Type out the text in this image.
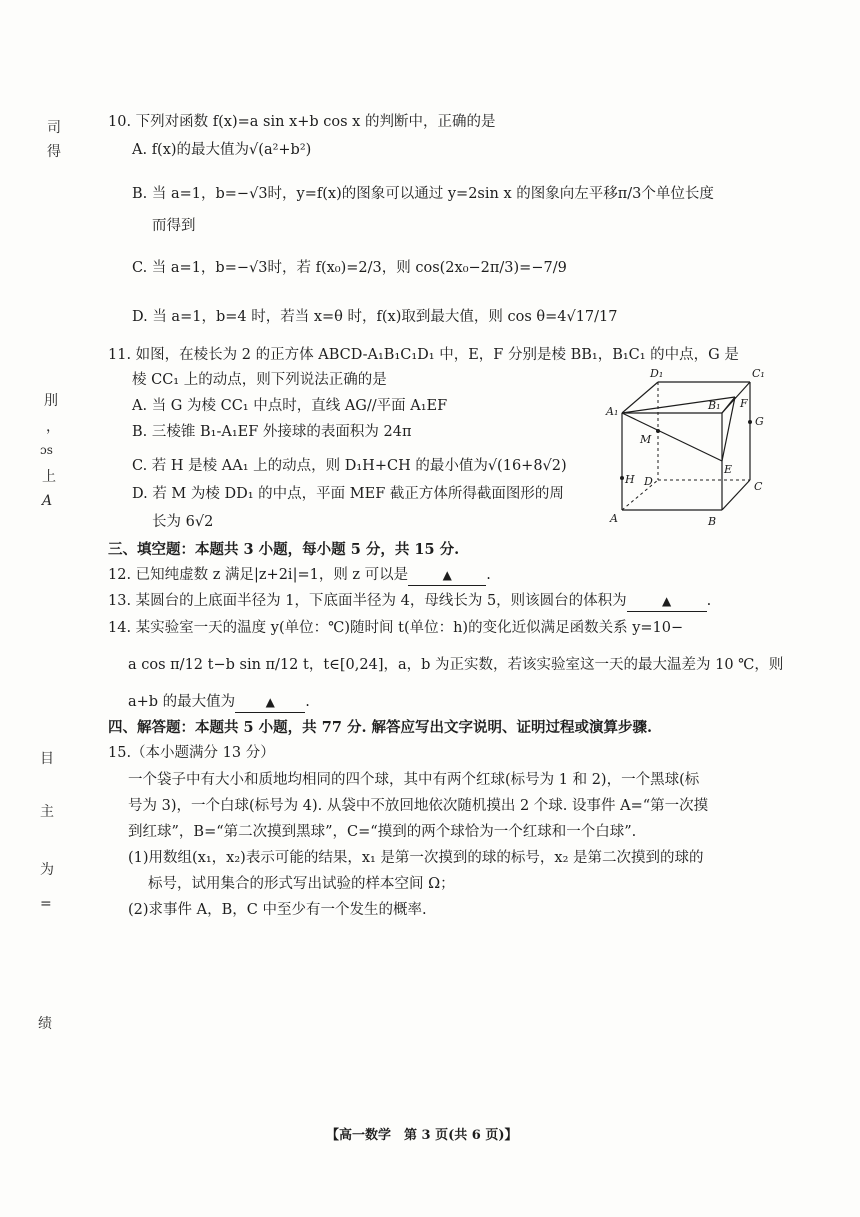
司
得
刖
，
ɔs
上
A
目
主
为
=
绩
10. 下列对函数 f(x)=a sin x+b cos x 的判断中，正确的是
A. f(x)的最大值为√(a²+b²)
B. 当 a=1，b=−√3时，y=f(x)的图象可以通过 y=2sin x 的图象向左平移π/3个单位长度
而得到
C. 当 a=1，b=−√3时，若 f(x₀)=2/3，则 cos(2x₀−2π/3)=−7/9
D. 当 a=1，b=4 时，若当 x=θ 时，f(x)取到最大值，则 cos θ=4√17/17
11. 如图，在棱长为 2 的正方体 ABCD-A₁B₁C₁D₁ 中，E，F 分别是棱 BB₁，B₁C₁ 的中点，G 是
棱 CC₁ 上的动点，则下列说法正确的是
A. 当 G 为棱 CC₁ 中点时，直线 AG//平面 A₁EF
B. 三棱锥 B₁-A₁EF 外接球的表面积为 24π
C. 若 H 是棱 AA₁ 上的动点，则 D₁H+CH 的最小值为√(16+8√2)
D. 若 M 为棱 DD₁ 的中点，平面 MEF 截正方体所得截面图形的周
长为 6√2
D₁	C₁
A₁	B₁ F
G
M
E
H D	C
A	B
三、填空题：本题共 3 小题，每小题 5 分，共 15 分.
12. 已知纯虚数 z 满足|z+2i|=1，则 z 可以是	▲ .
13. 某圆台的上底面半径为 1，下底面半径为 4，母线长为 5，则该圆台的体积为	▲ .
14. 某实验室一天的温度 y(单位：℃)随时间 t(单位：h)的变化近似满足函数关系 y=10−
a cos π/12 t−b sin π/12 t，t∈[0,24]，a，b 为正实数，若该实验室这一天的最大温差为 10 ℃，则
a+b 的最大值为	▲ .
四、解答题：本题共 5 小题，共 77 分. 解答应写出文字说明、证明过程或演算步骤.
15.（本小题满分 13 分）
一个袋子中有大小和质地均相同的四个球，其中有两个红球(标号为 1 和 2)，一个黑球(标
号为 3)，一个白球(标号为 4). 从袋中不放回地依次随机摸出 2 个球. 设事件 A=“第一次摸
到红球”，B=“第二次摸到黑球”，C=“摸到的两个球恰为一个红球和一个白球”.
(1)用数组(x₁，x₂)表示可能的结果，x₁ 是第一次摸到的球的标号，x₂ 是第二次摸到的球的
标号，试用集合的形式写出试验的样本空间 Ω；
(2)求事件 A，B，C 中至少有一个发生的概率.
【高一数学　第 3 页(共 6 页)】
